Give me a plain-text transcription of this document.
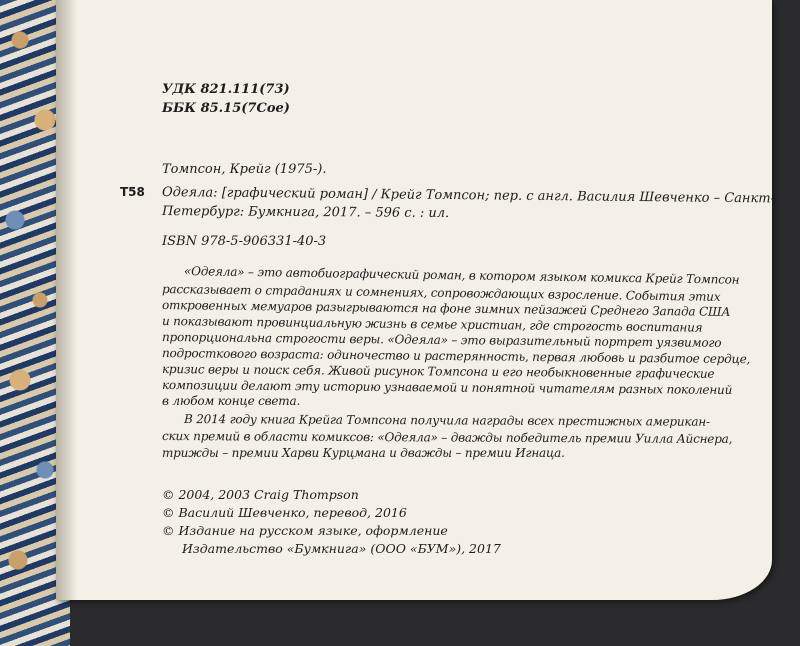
УДК 821.111(73)
ББК 85.15(7Сое)
Томпсон, Крейг (1975-).
Т58 Одеяла: [графический роман] / Крейг Томпсон; пер. с англ. Василия Шевченко – Санкт-
Петербург: Бумкнига, 2017. – 596 с. : ил.
ISBN 978-5-906331-40-3
«Одеяла» – это автобиографический роман, в котором языком комикса Крейг Томпсон
рассказывает о страданиях и сомнениях, сопровождающих взросление. События этих
откровенных мемуаров разыгрываются на фоне зимних пейзажей Среднего Запада США
и показывают провинциальную жизнь в семье христиан, где строгость воспитания
пропорциональна строгости веры. «Одеяла» – это выразительный портрет уязвимого
подросткового возраста: одиночество и растерянность, первая любовь и разбитое сердце,
кризис веры и поиск себя. Живой рисунок Томпсона и его необыкновенные графические
композиции делают эту историю узнаваемой и понятной читателям разных поколений
в любом конце света.
В 2014 году книга Крейга Томпсона получила награды всех престижных американ-
ских премий в области комиксов: «Одеяла» – дважды победитель премии Уилла Айснера,
трижды – премии Харви Курцмана и дважды – премии Игнаца.
© 2004, 2003 Craig Thompson
© Василий Шевченко, перевод, 2016
© Издание на русском языке, оформление
Издательство «Бумкнига» (ООО «БУМ»), 2017
